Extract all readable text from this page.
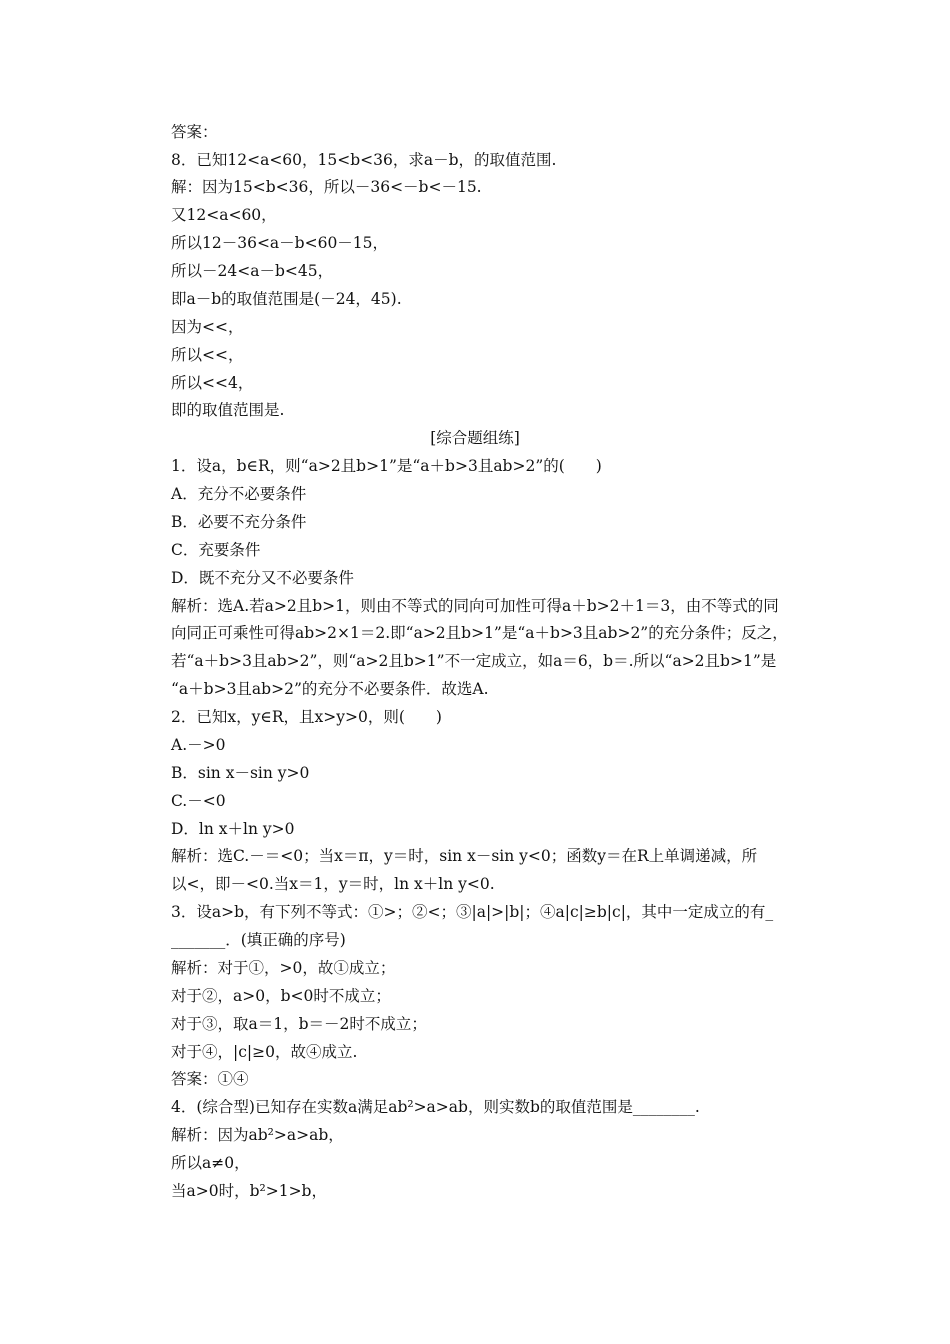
答案：
8．已知12<a<60，15<b<36，求a－b，的取值范围.
解：因为15<b<36，所以－36<－b<－15.
又12<a<60，
所以12－36<a－b<60－15，
所以－24<a－b<45，
即a－b的取值范围是(－24，45).
因为<<，
所以<<，
所以<<4，
即的取值范围是.
[综合题组练]
1．设a，b∈R，则“a>2且b>1”是“a＋b>3且ab>2”的(　　)
A．充分不必要条件
B．必要不充分条件
C．充要条件
D．既不充分又不必要条件
解析：选A.若a>2且b>1，则由不等式的同向可加性可得a＋b>2＋1＝3，由不等式的同
向同正可乘性可得ab>2×1＝2.即“a>2且b>1”是“a＋b>3且ab>2”的充分条件；反之，
若“a＋b>3且ab>2”，则“a>2且b>1”不一定成立，如a＝6，b＝.所以“a>2且b>1”是
“a＋b>3且ab>2”的充分不必要条件．故选A.
2．已知x，y∈R，且x>y>0，则(　　)
A.－>0
B．sin x－sin y>0
C.－<0
D．ln x＋ln y>0
解析：选C.－＝<0；当x＝π，y＝时，sin x－sin y<0；函数y＝在R上单调递减，所
以<，即－<0.当x＝1，y＝时，ln x＋ln y<0.
3．设a>b，有下列不等式：①>；②<；③|a|>|b|；④a|c|≥b|c|，其中一定成立的有_
_______．(填正确的序号)
解析：对于①，>0，故①成立；
对于②，a>0，b<0时不成立；
对于③，取a＝1，b＝－2时不成立；
对于④，|c|≥0，故④成立.
答案：①④
4．(综合型)已知存在实数a满足ab²>a>ab，则实数b的取值范围是________.
解析：因为ab²>a>ab，
所以a≠0，
当a>0时，b²>1>b，
